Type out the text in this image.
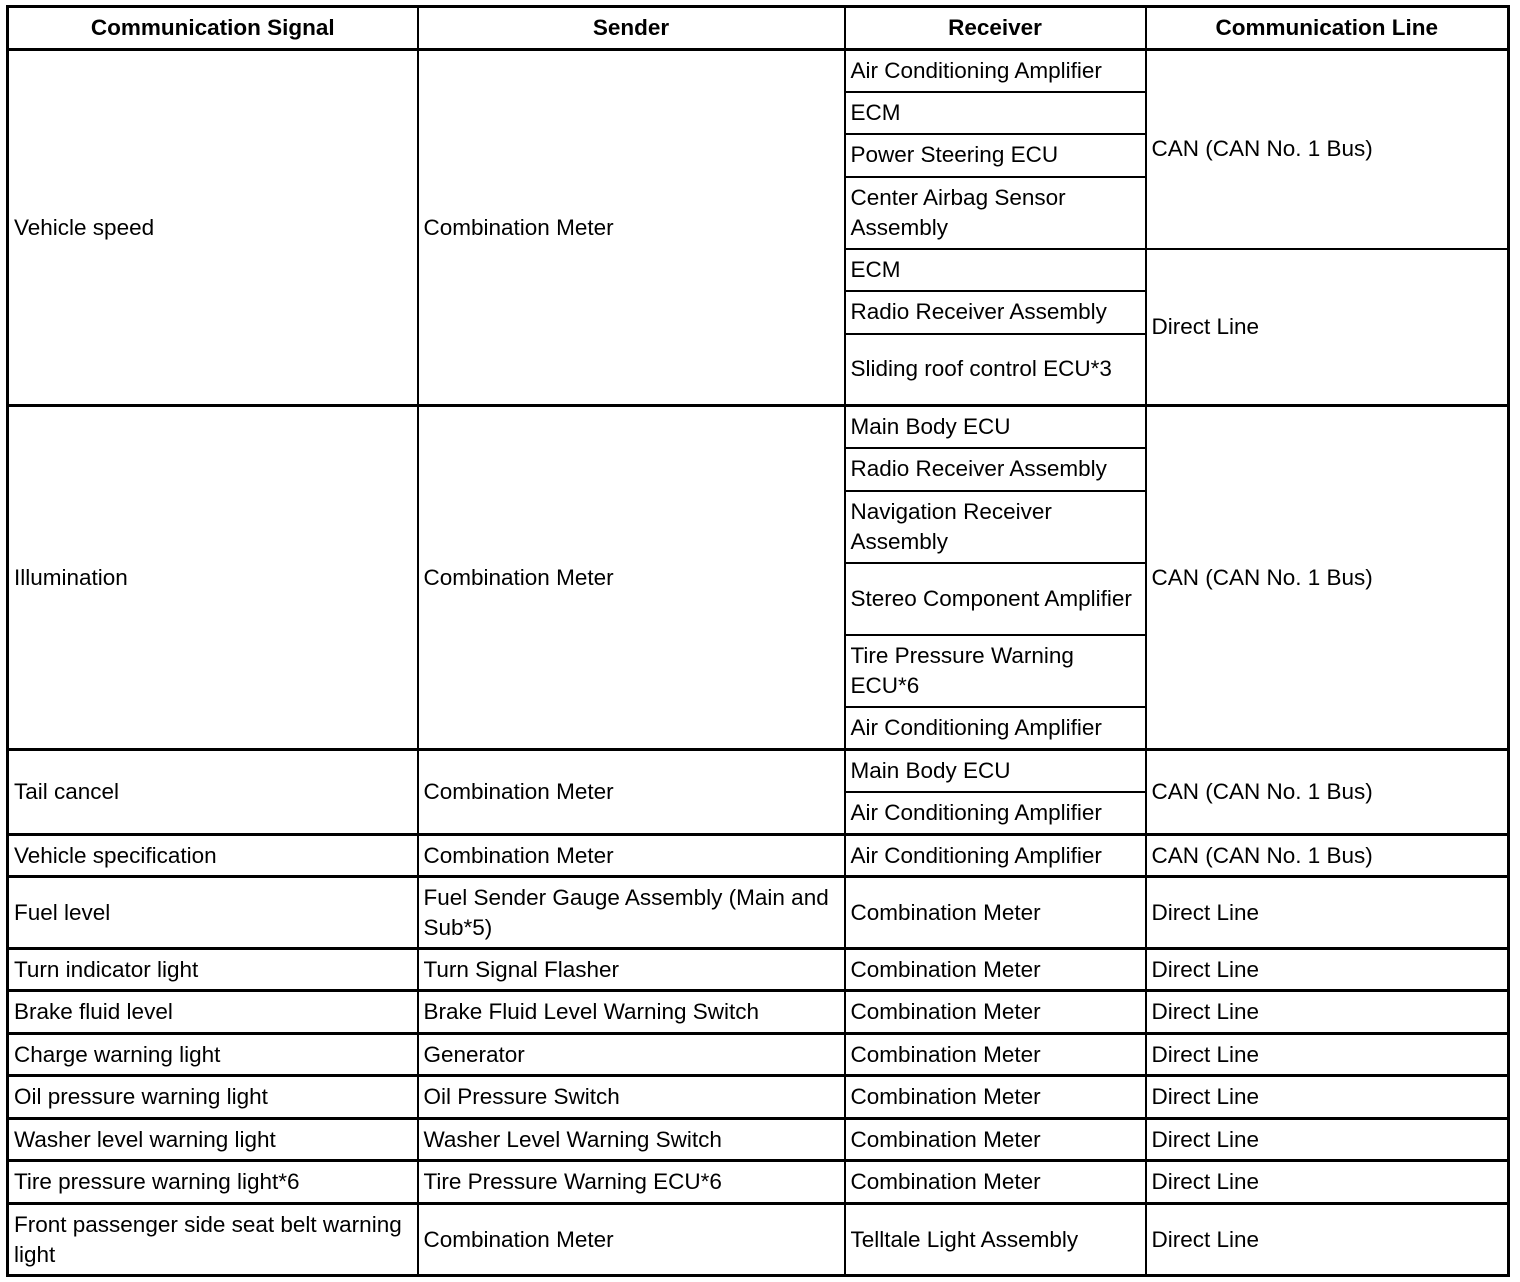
Communication Signal	Sender	Receiver	Communication Line
Vehicle speed	Combination Meter	Air Conditioning Amplifier	CAN (CAN No. 1 Bus)
		ECM	
		Power Steering ECU	
		Center Airbag Sensor Assembly	
		ECM	Direct Line
		Radio Receiver Assembly	
		Sliding roof control ECU*3	
Illumination	Combination Meter	Main Body ECU	CAN (CAN No. 1 Bus)
		Radio Receiver Assembly	
		Navigation Receiver Assembly	
		Stereo Component Amplifier	
		Tire Pressure Warning ECU*6	
		Air Conditioning Amplifier	
Tail cancel	Combination Meter	Main Body ECU	CAN (CAN No. 1 Bus)
		Air Conditioning Amplifier	
Vehicle specification	Combination Meter	Air Conditioning Amplifier	CAN (CAN No. 1 Bus)
Fuel level	Fuel Sender Gauge Assembly (Main and Sub*5)	Combination Meter	Direct Line
Turn indicator light	Turn Signal Flasher	Combination Meter	Direct Line
Brake fluid level	Brake Fluid Level Warning Switch	Combination Meter	Direct Line
Charge warning light	Generator	Combination Meter	Direct Line
Oil pressure warning light	Oil Pressure Switch	Combination Meter	Direct Line
Washer level warning light	Washer Level Warning Switch	Combination Meter	Direct Line
Tire pressure warning light*6	Tire Pressure Warning ECU*6	Combination Meter	Direct Line
Front passenger side seat belt warning light	Combination Meter	Telltale Light Assembly	Direct Line
